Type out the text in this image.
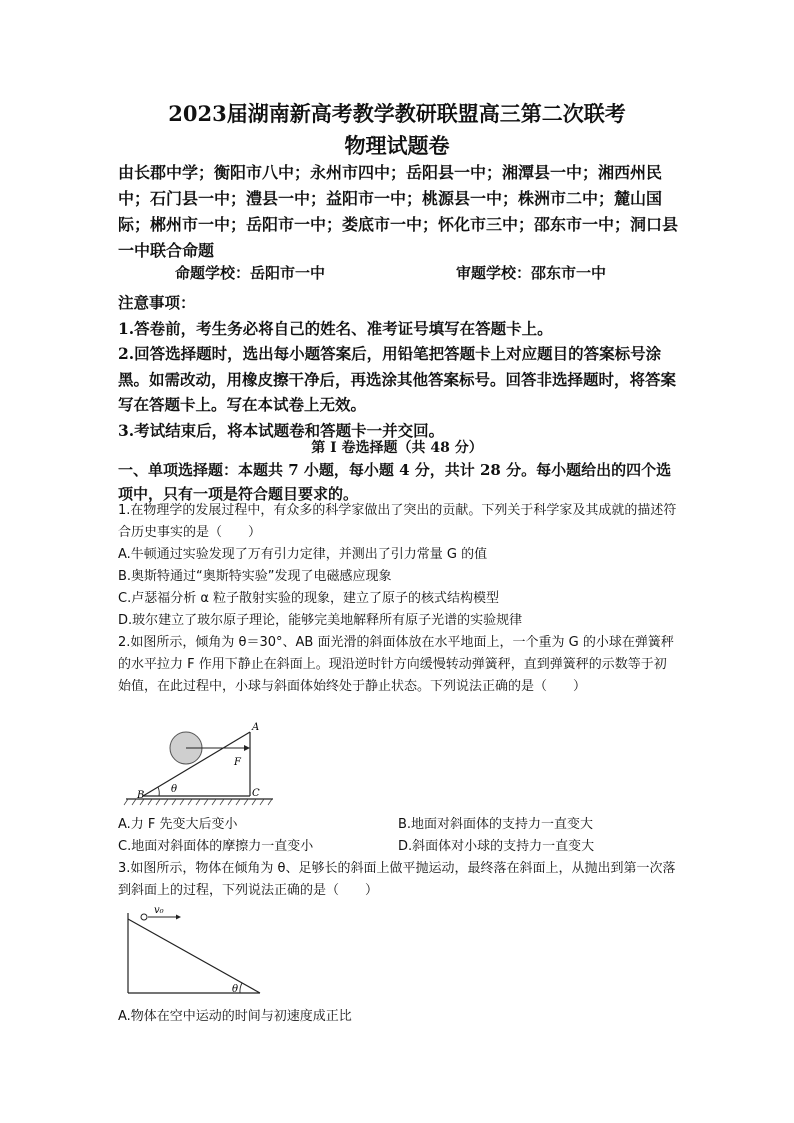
2023届湖南新高考教学教研联盟高三第二次联考
物理试题卷
由长郡中学；衡阳市八中；永州市四中；岳阳县一中；湘潭县一中；湘西州民中；石门县一中；澧县一中；益阳市一中；桃源县一中；株洲市二中；麓山国际；郴州市一中；岳阳市一中；娄底市一中；怀化市三中；邵东市一中；洞口县一中联合命题
命题学校：岳阳市一中	审题学校：邵东市一中

注意事项：

1.答卷前，考生务必将自己的姓名、准考证号填写在答题卡上。

2.回答选择题时，选出每小题答案后，用铅笔把答题卡上对应题目的答案标号涂黑。如需改动，用橡皮擦干净后，再选涂其他答案标号。回答非选择题时，将答案写在答题卡上。写在本试卷上无效。

3.考试结束后，将本试题卷和答题卡一并交回。

第 I 卷选择题（共 48 分）
一、单项选择题：本题共 7 小题，每小题 4 分，共计 28 分。每小题给出的四个选项中，只有一项是符合题目要求的。

1.在物理学的发展过程中，有众多的科学家做出了突出的贡献。下列关于科学家及其成就的描述符合历史事实的是（　　）

A.牛顿通过实验发现了万有引力定律，并测出了引力常量 G 的值

B.奥斯特通过“奥斯特实验”发现了电磁感应现象

C.卢瑟福分析 α 粒子散射实验的现象，建立了原子的核式结构模型

D.玻尔建立了玻尔原子理论，能够完美地解释所有原子光谱的实验规律

2.如图所示，倾角为 θ＝30°、AB 面光滑的斜面体放在水平地面上，一个重为 G 的小球在弹簧秤的水平拉力 F 作用下静止在斜面上。现沿逆时针方向缓慢转动弹簧秤，直到弹簧秤的示数等于初始值，在此过程中，小球与斜面体始终处于静止状态。下列说法正确的是（　　）

A
B	C
F
θ
A.力 F 先变大后变小	B.地面对斜面体的支持力一直变大
C.地面对斜面体的摩擦力一直变小	D.斜面体对小球的支持力一直变大

3.如图所示，物体在倾角为 θ、足够长的斜面上做平抛运动，最终落在斜面上，从抛出到第一次落到斜面上的过程，下列说法正确的是（　　）

v₀
θ

A.物体在空中运动的时间与初速度成正比
